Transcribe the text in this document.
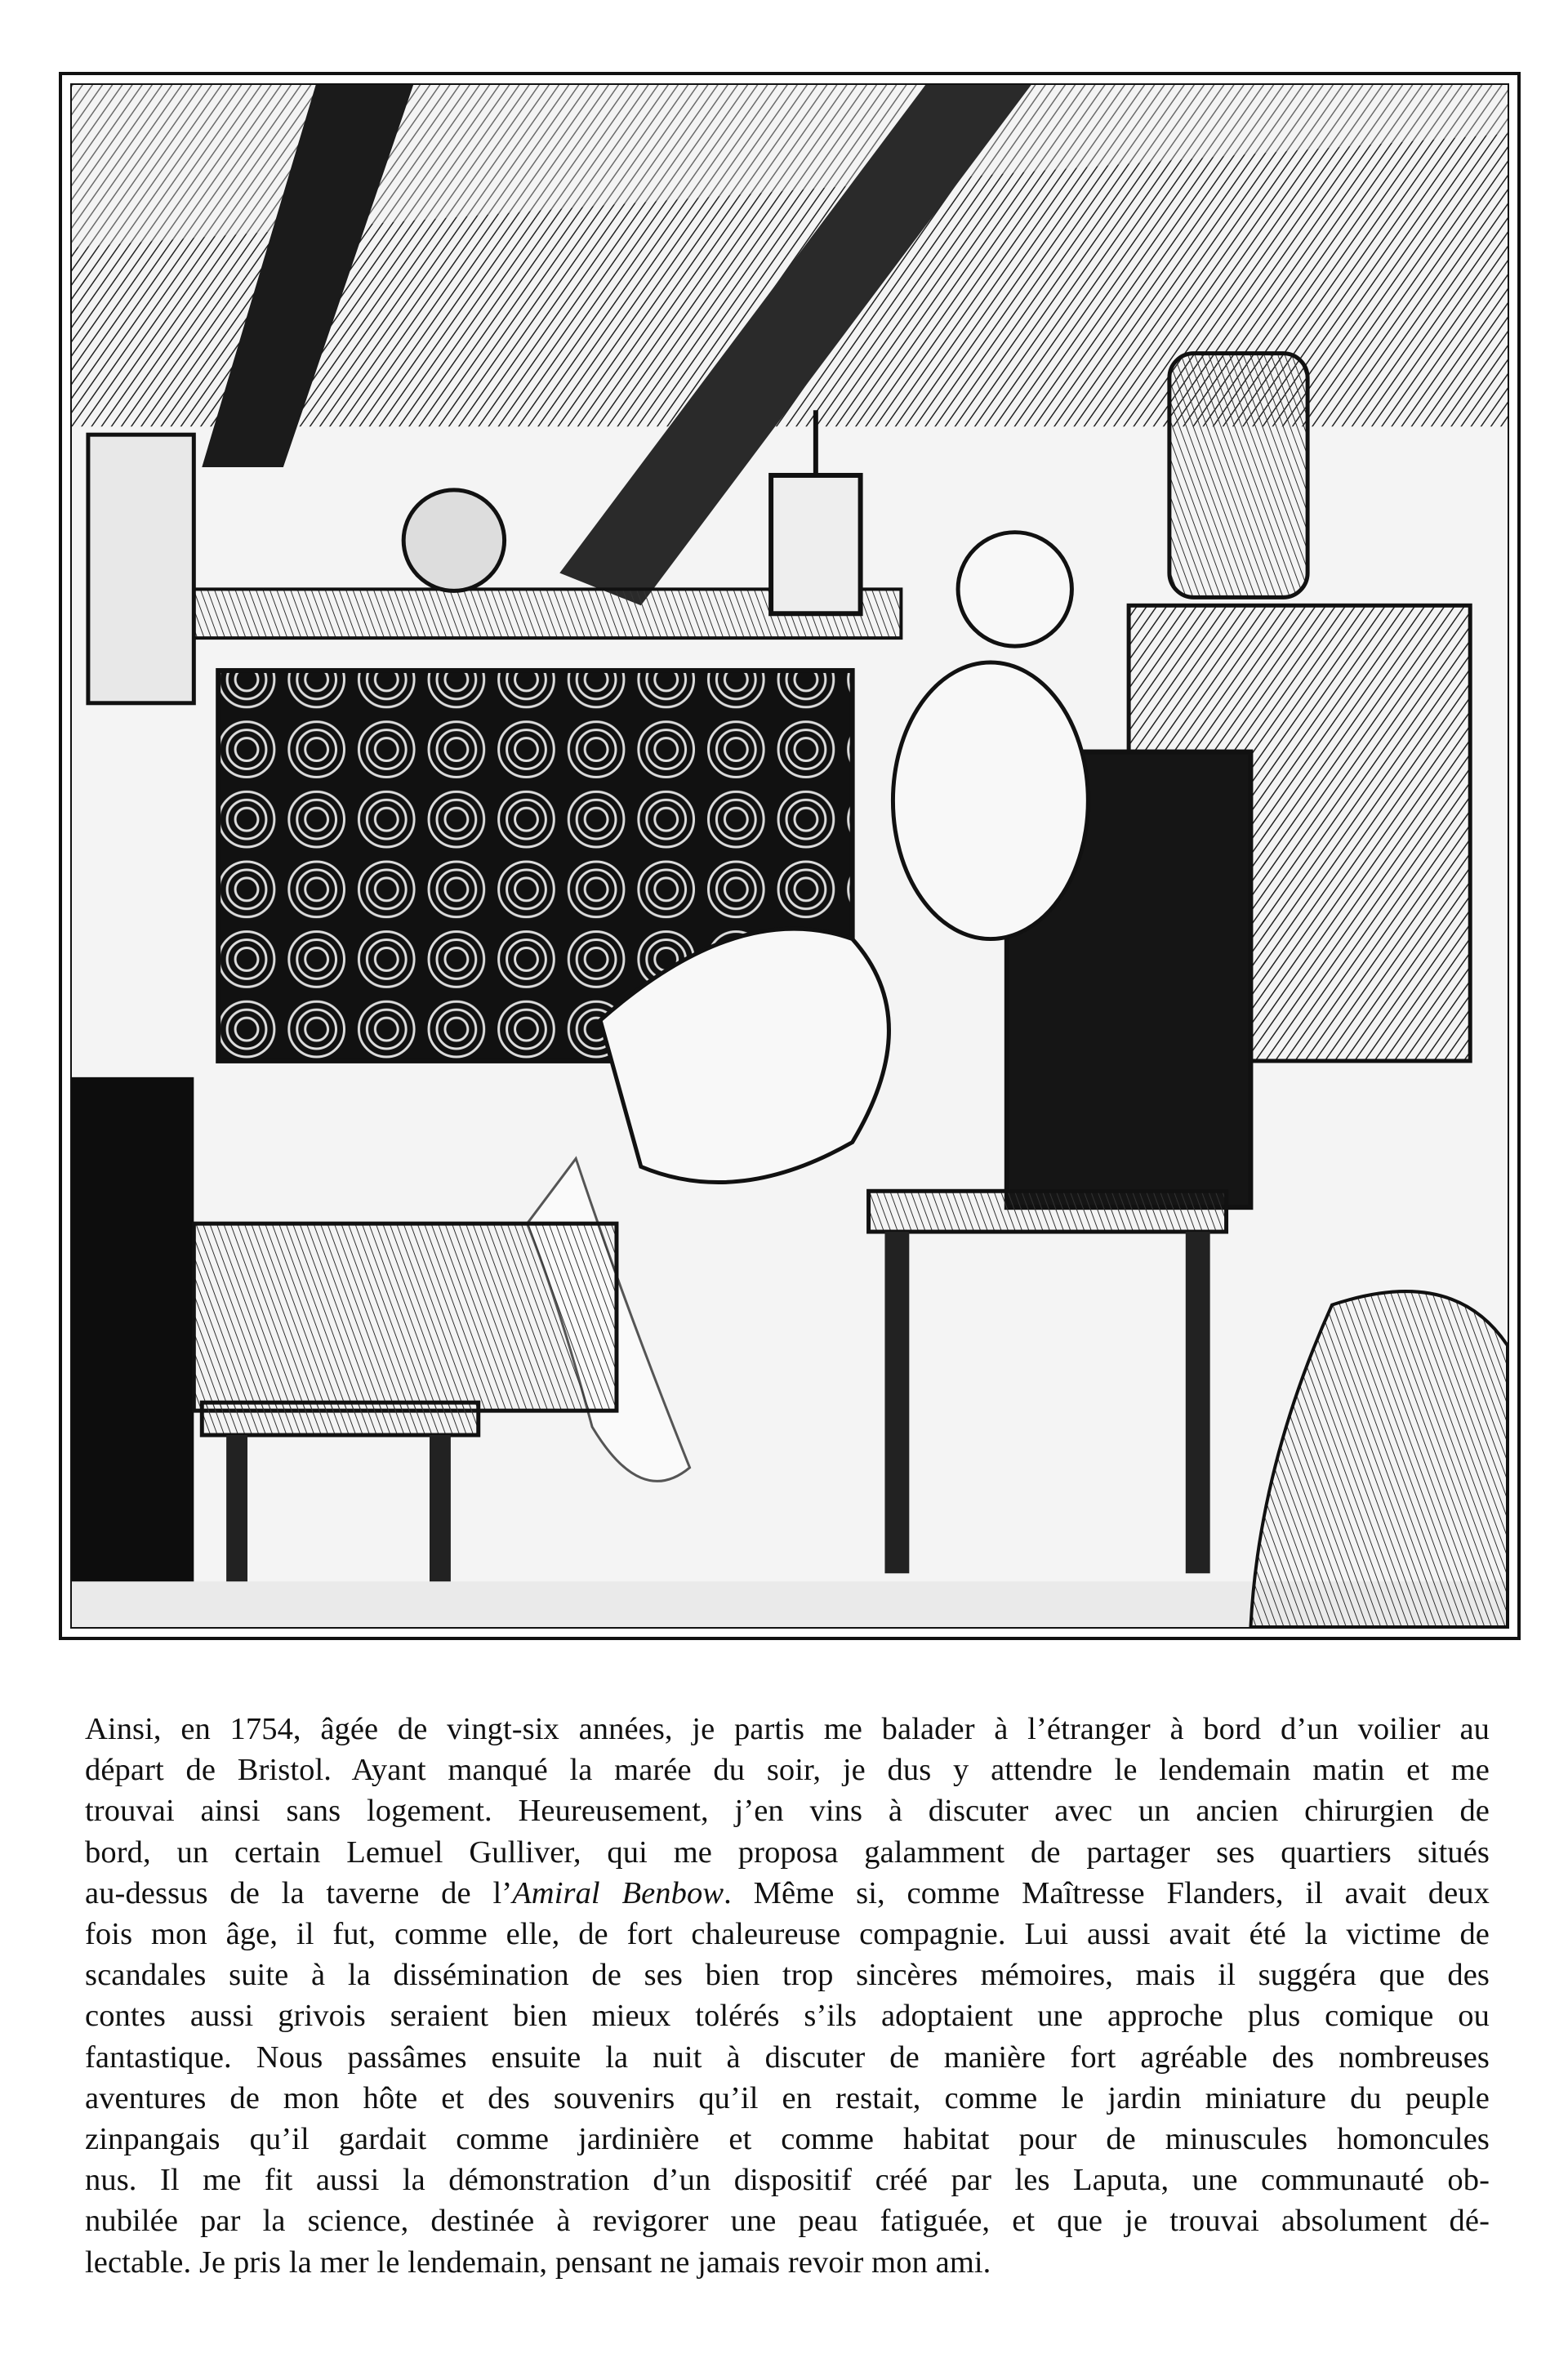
Ainsi, en 1754, âgée de vingt-six années, je partis me balader à l’étranger à bord d’un voilier au
départ de Bristol. Ayant manqué la marée du soir, je dus y attendre le lendemain matin et me
trouvai ainsi sans logement. Heureusement, j’en vins à discuter avec un ancien chirurgien de
bord, un certain Lemuel Gulliver, qui me proposa galamment de partager ses quartiers situés
au-dessus de la taverne de l’Amiral Benbow. Même si, comme Maîtresse Flanders, il avait deux
fois mon âge, il fut, comme elle, de fort chaleureuse compagnie. Lui aussi avait été la victime de
scandales suite à la dissémination de ses bien trop sincères mémoires, mais il suggéra que des
contes aussi grivois seraient bien mieux tolérés s’ils adoptaient une approche plus comique ou
fantastique. Nous passâmes ensuite la nuit à discuter de manière fort agréable des nombreuses
aventures de mon hôte et des souvenirs qu’il en restait, comme le jardin miniature du peuple
zinpangais qu’il gardait comme jardinière et comme habitat pour de minuscules homoncules
nus. Il me fit aussi la démonstration d’un dispositif créé par les Laputa, une communauté ob-
nubilée par la science, destinée à revigorer une peau fatiguée, et que je trouvai absolument dé-
lectable. Je pris la mer le lendemain, pensant ne jamais revoir mon ami.
